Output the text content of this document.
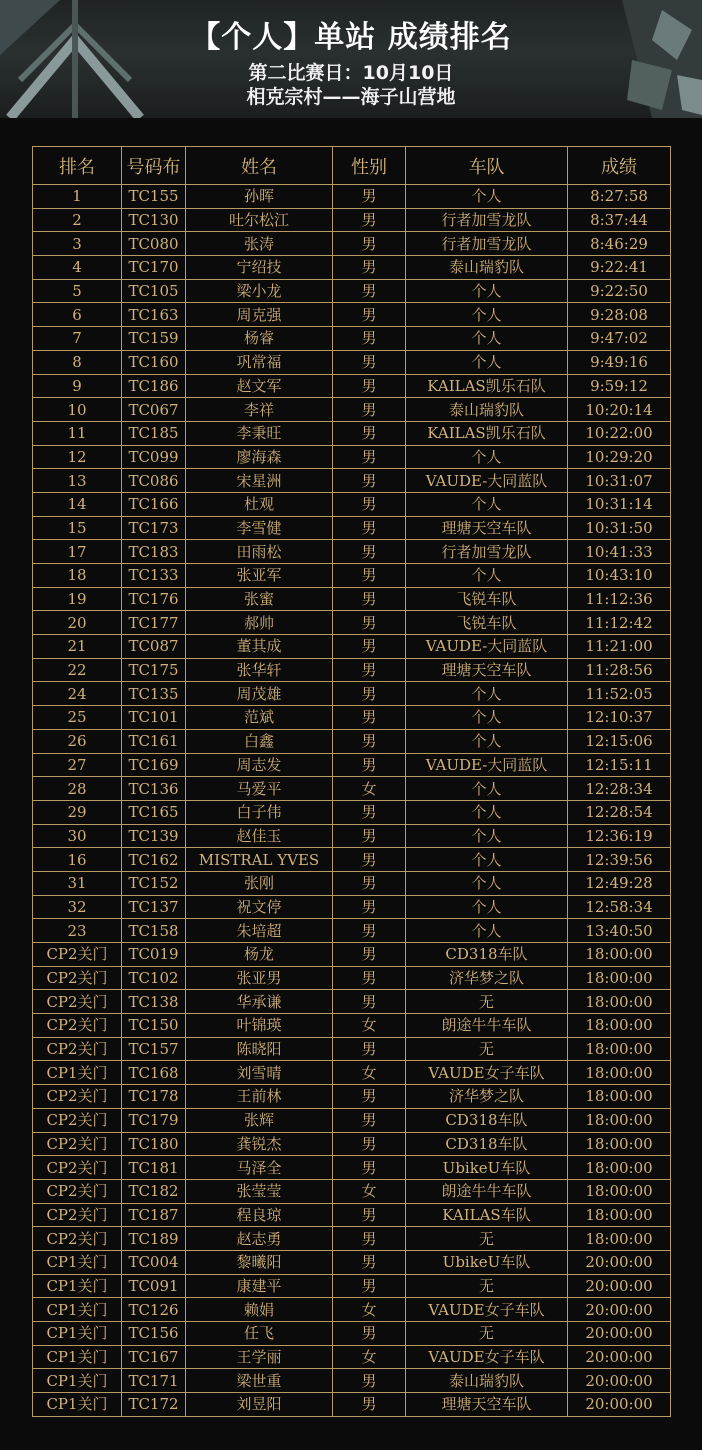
【个人】单站 成绩排名
第二比赛日：10月10日
相克宗村——海子山营地
排名	号码布	姓名	性别	车队	成绩
1	TC155	孙晖	男	个人	8:27:58
2	TC130	吐尔松江	男	行者加雪龙队	8:37:44
3	TC080	张涛	男	行者加雪龙队	8:46:29
4	TC170	宁绍技	男	泰山瑞豹队	9:22:41
5	TC105	梁小龙	男	个人	9:22:50
6	TC163	周克强	男	个人	9:28:08
7	TC159	杨睿	男	个人	9:47:02
8	TC160	巩常福	男	个人	9:49:16
9	TC186	赵文军	男	KAILAS凯乐石队	9:59:12
10	TC067	李祥	男	泰山瑞豹队	10:20:14
11	TC185	李秉旺	男	KAILAS凯乐石队	10:22:00
12	TC099	廖海森	男	个人	10:29:20
13	TC086	宋星洲	男	VAUDE-大同蓝队	10:31:07
14	TC166	杜观	男	个人	10:31:14
15	TC173	李雪健	男	理塘天空车队	10:31:50
17	TC183	田雨松	男	行者加雪龙队	10:41:33
18	TC133	张亚军	男	个人	10:43:10
19	TC176	张蜜	男	飞锐车队	11:12:36
20	TC177	郝帅	男	飞锐车队	11:12:42
21	TC087	董其成	男	VAUDE-大同蓝队	11:21:00
22	TC175	张华轩	男	理塘天空车队	11:28:56
24	TC135	周茂雄	男	个人	11:52:05
25	TC101	范斌	男	个人	12:10:37
26	TC161	白鑫	男	个人	12:15:06
27	TC169	周志发	男	VAUDE-大同蓝队	12:15:11
28	TC136	马爱平	女	个人	12:28:34
29	TC165	白子伟	男	个人	12:28:54
30	TC139	赵佳玉	男	个人	12:36:19
16	TC162	MISTRAL YVES	男	个人	12:39:56
31	TC152	张刚	男	个人	12:49:28
32	TC137	祝文停	男	个人	12:58:34
23	TC158	朱培超	男	个人	13:40:50
CP2关门	TC019	杨龙	男	CD318车队	18:00:00
CP2关门	TC102	张亚男	男	济华梦之队	18:00:00
CP2关门	TC138	华承谦	男	无	18:00:00
CP2关门	TC150	叶锦瑛	女	朗途牛牛车队	18:00:00
CP2关门	TC157	陈晓阳	男	无	18:00:00
CP1关门	TC168	刘雪晴	女	VAUDE女子车队	18:00:00
CP2关门	TC178	王前林	男	济华梦之队	18:00:00
CP2关门	TC179	张辉	男	CD318车队	18:00:00
CP2关门	TC180	龚锐杰	男	CD318车队	18:00:00
CP2关门	TC181	马泽全	男	UbikeU车队	18:00:00
CP2关门	TC182	张莹莹	女	朗途牛牛车队	18:00:00
CP2关门	TC187	程良琼	男	KAILAS车队	18:00:00
CP2关门	TC189	赵志勇	男	无	18:00:00
CP1关门	TC004	黎曦阳	男	UbikeU车队	20:00:00
CP1关门	TC091	康建平	男	无	20:00:00
CP1关门	TC126	赖娟	女	VAUDE女子车队	20:00:00
CP1关门	TC156	任飞	男	无	20:00:00
CP1关门	TC167	王学丽	女	VAUDE女子车队	20:00:00
CP1关门	TC171	梁世重	男	泰山瑞豹队	20:00:00
CP1关门	TC172	刘昱阳	男	理塘天空车队	20:00:00
